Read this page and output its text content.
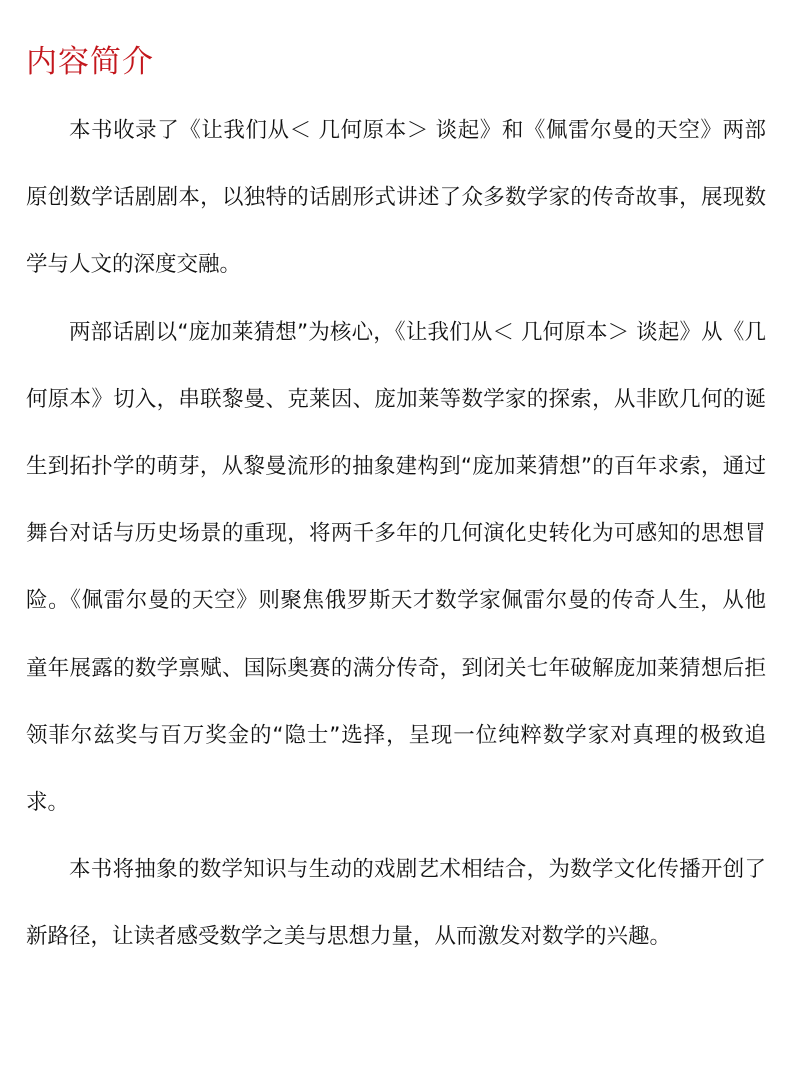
内容简介

本书收录了《让我们从＜ 几何原本＞ 谈起》和《佩雷尔曼的天空》两部原创数学话剧剧本，以独特的话剧形式讲述了众多数学家的传奇故事，展现数学与人文的深度交融。

两部话剧以“庞加莱猜想”为核心，《让我们从＜ 几何原本＞ 谈起》从《几何原本》切入，串联黎曼、克莱因、庞加莱等数学家的探索，从非欧几何的诞生到拓扑学的萌芽，从黎曼流形的抽象建构到“庞加莱猜想”的百年求索，通过舞台对话与历史场景的重现，将两千多年的几何演化史转化为可感知的思想冒险。《佩雷尔曼的天空》则聚焦俄罗斯天才数学家佩雷尔曼的传奇人生，从他童年展露的数学禀赋、国际奥赛的满分传奇，到闭关七年破解庞加莱猜想后拒领菲尔兹奖与百万奖金的“隐士”选择，呈现一位纯粹数学家对真理的极致追求。

本书将抽象的数学知识与生动的戏剧艺术相结合，为数学文化传播开创了新路径，让读者感受数学之美与思想力量，从而激发对数学的兴趣。
